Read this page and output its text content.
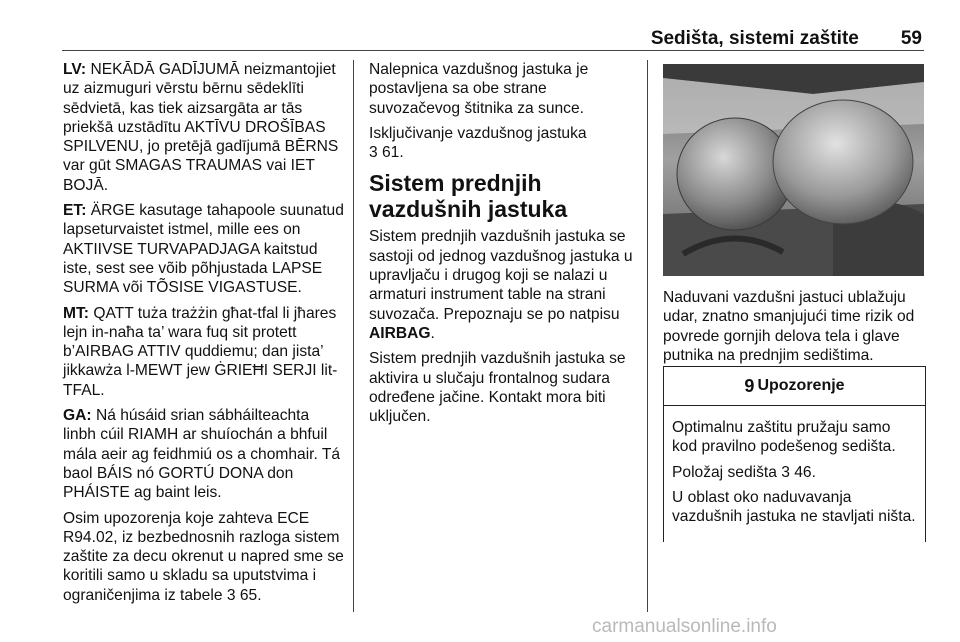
Sedišta, sistemi zaštite 59

LV: NEKĀDĀ GADĪJUMĀ neizmantojiet uz aizmuguri vērstu bērnu sēdeklīti sēdvietā, kas tiek aizsargāta ar tās priekšā uzstādītu AKTĪVU DROŠĪBAS SPILVENU, jo pretējā gadījumā BĒRNS var gūt SMAGAS TRAUMAS vai IET BOJĀ.

ET: ÄRGE kasutage tahapoole suunatud lapseturvaistet istmel, mille ees on AKTIIVSE TURVAPADJAGA kaitstud iste, sest see võib põhjustada LAPSE SURMA või TÕSISE VIGASTUSE.

MT: QATT tuża trażżin għat-tfal li jħares lejn in-naħa ta’ wara fuq sit protett b’AIRBAG ATTIV quddiemu; dan jista’ jikkawża l-MEWT jew ĠRIEĦI SERJI lit-TFAL.

GA: Ná húsáid srian sábháilteachta linbh cúil RIAMH ar shuíochán a bhfuil mála aeir ag feidhmiú os a chomhair. Tá baol BÁIS nó GORTÚ DONA don PHÁISTE ag baint leis.

Osim upozorenja koje zahteva ECE R94.02, iz bezbednosnih razloga sistem zaštite za decu okrenut u napred sme se koritili samo u skladu sa uputstvima i ograničenjima iz tabele 3 65.

Nalepnica vazdušnog jastuka je postavljena sa obe strane suvozačevog štitnika za sunce.

Isključivanje vazdušnog jastuka
3 61.

Sistem prednjih vazdušnih jastuka

Sistem prednjih vazdušnih jastuka se sastoji od jednog vazdušnog jastuka u upravljaču i drugog koji se nalazi u armaturi instrument table na strani suvozača. Prepoznaju se po natpisu AIRBAG.

Sistem prednjih vazdušnih jastuka se aktivira u slučaju frontalnog sudara određene jačine. Kontakt mora biti uključen.

Naduvani vazdušni jastuci ublažuju udar, znatno smanjujući time rizik od povrede gornjih delova tela i glave putnika na prednjim sedištima.

9 Upozorenje

Optimalnu zaštitu pružaju samo kod pravilno podešenog sedišta.

Položaj sedišta 3 46.

U oblast oko naduvavanja vazdušnih jastuka ne stavljati ništa.

carmanualsonline.info
